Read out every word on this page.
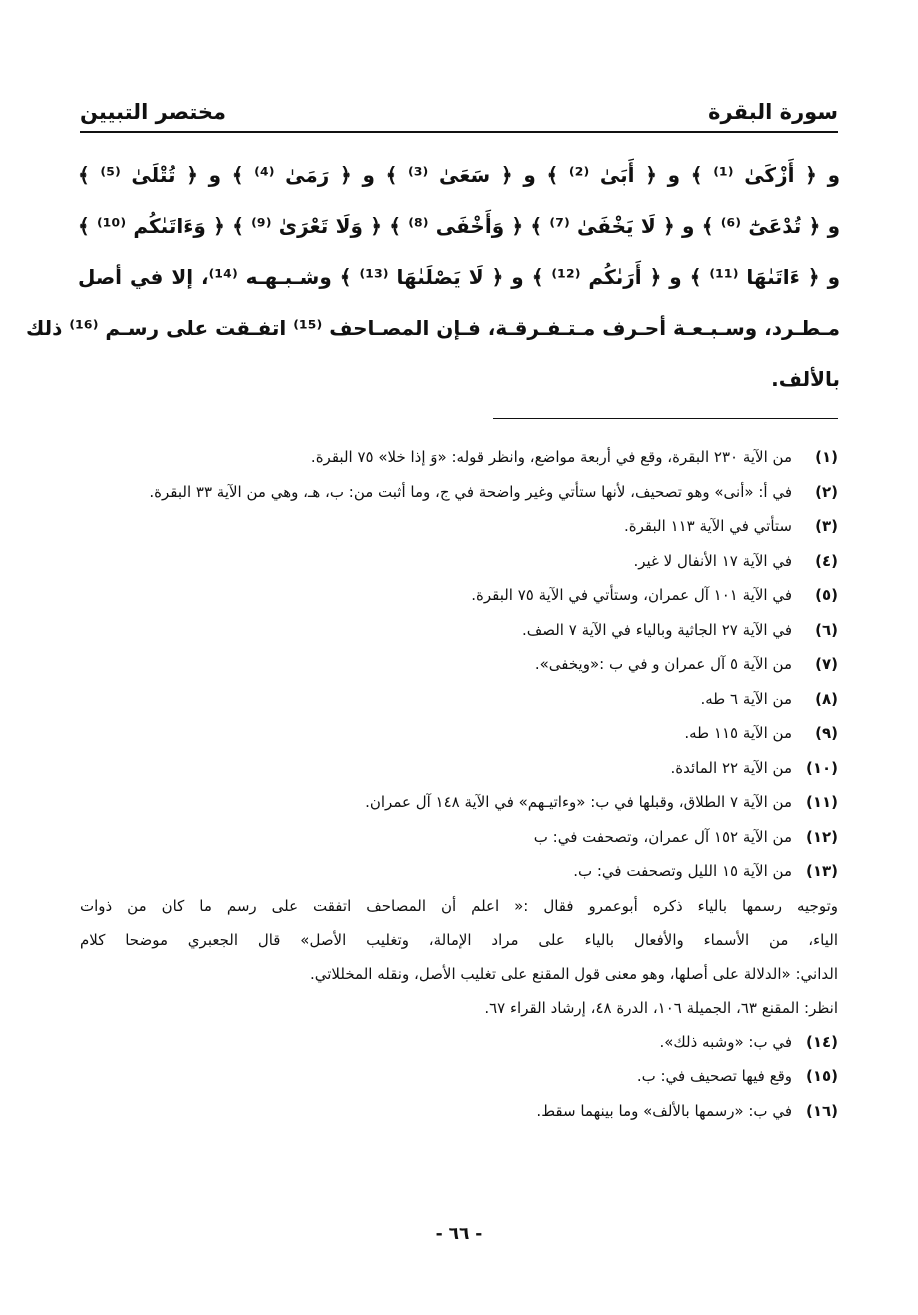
سورة البقرة
مختصر التبيين
و ﴿ أَزْكَىٰ ⁽¹⁾ ﴾ و ﴿ أَبَىٰ ⁽²⁾ ﴾ و ﴿ سَعَىٰ ⁽³⁾ ﴾ و ﴿ رَمَىٰ ⁽⁴⁾ ﴾ و ﴿ تُتْلَىٰ ⁽⁵⁾ ﴾
و ﴿ تُدْعَىٰٓ ⁽⁶⁾ ﴾ و ﴿ لَا يَخْفَىٰ ⁽⁷⁾ ﴾ ﴿ وَأَخْفَى ⁽⁸⁾ ﴾ ﴿ وَلَا تَعْرَىٰ ⁽⁹⁾ ﴾ ﴿ وَءَاتَىٰكُم ⁽¹⁰⁾ ﴾
و ﴿ ءَاتَىٰهَا ⁽¹¹⁾ ﴾ و ﴿ أَرَىٰكُم ⁽¹²⁾ ﴾ و ﴿ لَا يَصْلَىٰهَا ⁽¹³⁾ ﴾ وشـبـهـه ⁽¹⁴⁾، إلا في أصل
مـطـرد، وسـبـعـة أحـرف مـتـفـرقـة، فـإن المصـاحف ⁽¹⁵⁾ اتفـقت على رسـم ⁽¹⁶⁾ ذلك
بالألف.
(١)
من الآية ٢٣٠ البقرة، وقع في أربعة مواضع، وانظر قوله: «وَ إذا خلا» ٧٥ البقرة.
(٢)
في أ: «أنى» وهو تصحيف، لأنها ستأتي وغير واضحة في ج، وما أثبت من: ب، هـ، وهي من الآية ٣٣ البقرة.
(٣)
ستأتي في الآية ١١٣ البقرة.
(٤)
في الآية ١٧ الأنفال لا غير.
(٥)
في الآية ١٠١ آل عمران، وستأتي في الآية ٧٥ البقرة.
(٦)
في الآية ٢٧ الجاثية وبالياء في الآية ٧ الصف.
(٧)
من الآية ٥ آل عمران و في ب :«ويخفى».
(٨)
من الآية ٦ طه.
(٩)
من الآية ١١٥ طه.
(١٠)
من الآية ٢٢ المائدة.
(١١)
من الآية ٧ الطلاق، وقبلها في ب: «وءاتيـهم» في الآية ١٤٨ آل عمران.
(١٢)
من الآية ١٥٢ آل عمران، وتصحفت في: ب
(١٣)
من الآية ١٥ الليل وتصحفت في: ب.
وتوجيه رسمها بالياء ذكره أبوعمرو فقال :« اعلم أن المصاحف اتفقت على رسم ما كان من ذوات
الياء، من الأسماء والأفعال بالياء على مراد الإمالة، وتغليب الأصل» قال الجعبري موضحا كلام
الداني: «الدلالة على أصلها، وهو معنى قول المقنع على تغليب الأصل، ونقله المخللاتي.
انظر: المقنع ٦٣، الجميلة ١٠٦، الدرة ٤٨، إرشاد القراء ٦٧.
(١٤)
في ب: «وشبه ذلك».
(١٥)
وقع فيها تصحيف في: ب.
(١٦)
في ب: «رسمها بالألف» وما بينهما سقط.
- ٦٦ -
